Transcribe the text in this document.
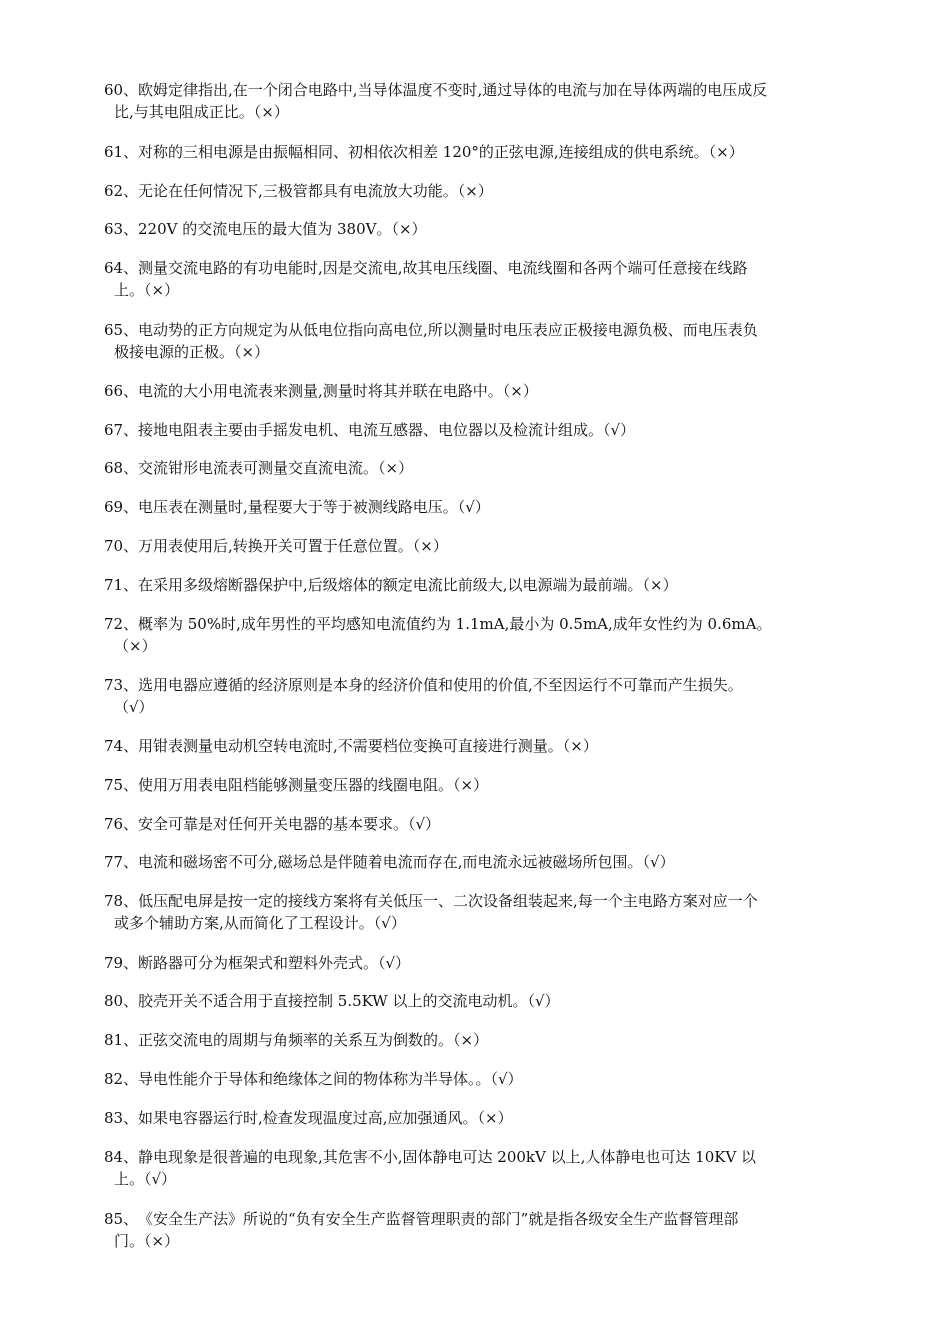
60、 欧姆定律指出,在一个闭合电路中,当导体温度不变时,通过导体的电流与加在导体两端的电压成反
比,与其电阻成正比。（×）
61、 对称的三相电源是由振幅相同、初相依次相差 120°的正弦电源,连接组成的供电系统。（×）
62、 无论在任何情况下,三极管都具有电流放大功能。（×）
63、 220V 的交流电压的最大值为 380V。（×）
64、 测量交流电路的有功电能时,因是交流电,故其电压线圈、电流线圈和各两个端可任意接在线路
上。（×）
65、 电动势的正方向规定为从低电位指向高电位,所以测量时电压表应正极接电源负极、而电压表负
极接电源的正极。（×）
66、 电流的大小用电流表来测量,测量时将其并联在电路中。（×）
67、 接地电阻表主要由手摇发电机、电流互感器、电位器以及检流计组成。（√）
68、 交流钳形电流表可测量交直流电流。（×）
69、 电压表在测量时,量程要大于等于被测线路电压。（√）
70、 万用表使用后,转换开关可置于任意位置。（×）
71、 在采用多级熔断器保护中,后级熔体的额定电流比前级大,以电源端为最前端。（×）
72、 概率为 50%时,成年男性的平均感知电流值约为 1.1mA,最小为 0.5mA,成年女性约为 0.6mA。
（×）
73、 选用电器应遵循的经济原则是本身的经济价值和使用的价值,不至因运行不可靠而产生损失。
（√）
74、 用钳表测量电动机空转电流时,不需要档位变换可直接进行测量。（×）
75、 使用万用表电阻档能够测量变压器的线圈电阻。（×）
76、 安全可靠是对任何开关电器的基本要求。（√）
77、 电流和磁场密不可分,磁场总是伴随着电流而存在,而电流永远被磁场所包围。（√）
78、 低压配电屏是按一定的接线方案将有关低压一、二次设备组装起来,每一个主电路方案对应一个
或多个辅助方案,从而简化了工程设计。（√）
79、 断路器可分为框架式和塑料外壳式。（√）
80、 胶壳开关不适合用于直接控制 5.5KW 以上的交流电动机。（√）
81、 正弦交流电的周期与角频率的关系互为倒数的。（×）
82、 导电性能介于导体和绝缘体之间的物体称为半导体。。（√）
83、 如果电容器运行时,检查发现温度过高,应加强通风。（×）
84、 静电现象是很普遍的电现象,其危害不小,固体静电可达 200kV 以上,人体静电也可达 10KV 以
上。（√）
85、 《安全生产法》所说的“负有安全生产监督管理职责的部门”就是指各级安全生产监督管理部
门。（×）
